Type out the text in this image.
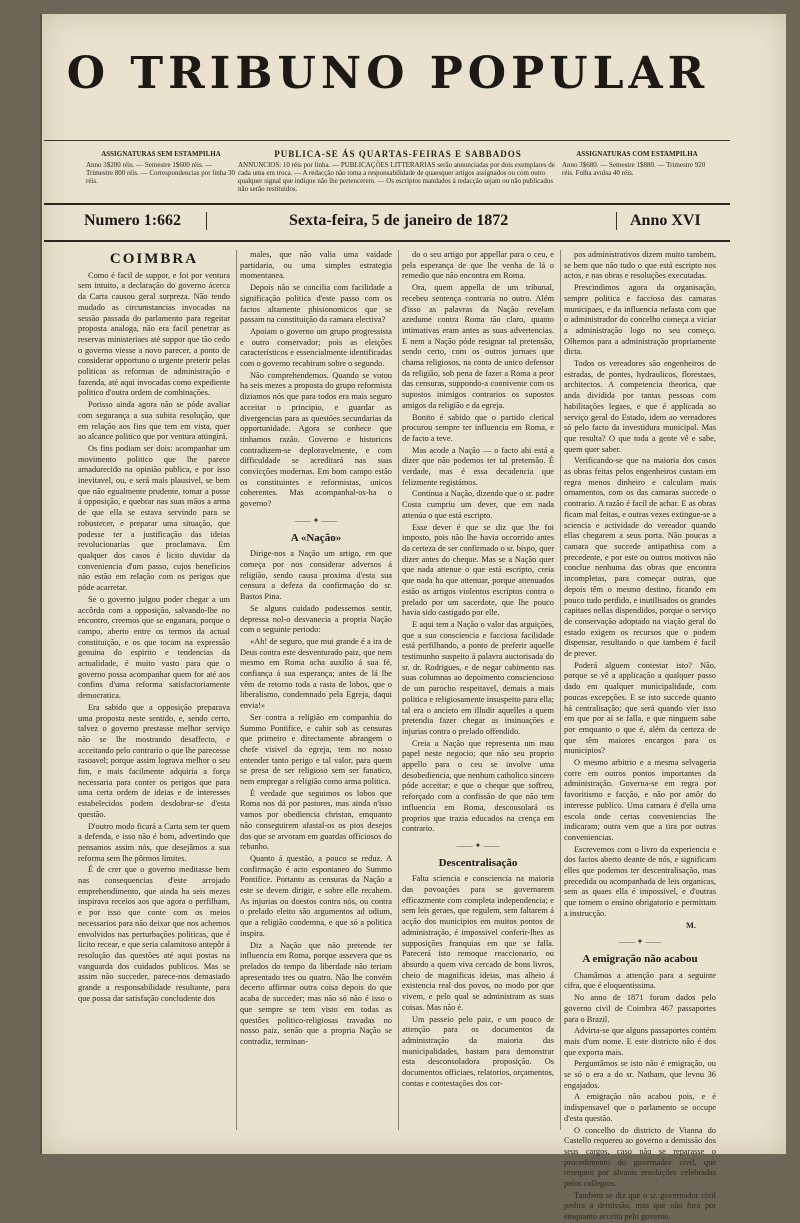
O TRIBUNO POPULAR
ASSIGNATURAS SEM ESTAMPILHA
Anno 3$200 réis. — Semestre 1$600 réis. — Trimestre 800 réis. — Correspondencias por linha 30 réis.
PUBLICA-SE ÁS QUARTAS-FEIRAS E SABBADOS
ANNUNCIOS: 10 réis por linha. — PUBLICAÇÕES LITTERARIAS serão annunciadas por dois exemplares de cada uma em troca. — A redacção não toma a responsabilidade de quaesquer artigos assignados ou com outro qualquer signal que indique não lhe pertencerem. — Os escriptos mandados á redacção sejam ou não publicados não serão restituidos.
ASSIGNATURAS COM ESTAMPILHA
Anno 3$680. — Semestre 1$880. — Trimestre 920 réis. Folha avulsa 40 réis.
Numero 1:662	Sexta-feira, 5 de janeiro de 1872	Anno XVI
COIMBRA

Como é facil de suppor, e foi por ventura sem intuito, a declaração do governo ácerca da Carta causou geral surpreza. Não tendo mudado as circumstancias invocadas na sessão passada do parlamento para regeitar proposta analoga, não era facil penetrar as reservas ministeriaes até suppor que tão cedo o governo viesse a novo parecer, a ponto de considerar opportuno o urgente preterir pelas politicas as reformas de administração e fazenda, até aqui invocadas como expediente politico d'outra ordem de combinações.

Porisso ainda agora não se póde avaliar com segurança a sua subita resolução, que em relação aos fins que tem em vista, quer ao alcance politico que por ventura attingirá.

Os fins podiam ser dois: acompanhar um movimento politico que lhe parece amadurecido na opinião publica, e por isso inevitavel, ou, e será mais plausivel, se bem que não egualmente prudente, tomar a posse á opposição, e quebrar nas suas mãos a arma de que ella se estava servindo para se robustecer, e preparar uma situação, que podesse ter a justificação das ideias revolucionarias que proclamava. Em qualquer dos casos é licito duvidar da conveniencia d'um passo, cujos beneficios não estão em relação com os perigos que póde acarretar.

Se o governo julgou poder chegar a um accôrdo com a opposição, salvando-lhe no encontro, creemos que se enganara, porque o campo, aberto entre os termos da actual constituição, e os que tocam na expressão genuina do espirito e tendencias da actualidade, é muito vasto para que o governo possa acompanhar quem for até aos confins d'uma reforma satisfactoriamente democratica.

Era sabido que a opposição preparava uma proposta neste sentido, e, sendo certo, talvez o governo prestasse melhor serviço não se lhe mostrando desaffecto, e acceitando pelo contrario o que lhe parecesse rasoavel; porque assim lograva melhor o seu fim, e mais facilmente adquiria a força necessaria para conter os perigos que para uma certa ordem de ideias e de interesses estabelecidos podem desdobrar-se d'esta questão.

D'outro modo ficará a Carta sem ter quem a defenda, e isso não é bom, advertindo que pensamos assim nós, que desejâmos a sua reforma sem lhe pôrmos limites.

É de crer que o governo meditasse bem nas consequencias d'este arrojado emprehendimento, que ainda ha seis mezes inspirava receios aos que agora o perfilham, e por isso que conte com os meios necessarios para não deixar que nos achemos envolvidos nas perturbações politicas, que é licito recear, e que seria calamitoso antepôr á resolução das questões até aqui postas na vanguarda dos cuidados publicos. Mas se assim não succeder, parece-nos demasiado grande a responsabilidade resultante, para que possa dar satisfação concludente dos

males, que não valia uma vaidade partidaria, ou uma simples estrategia momentanea.

Depois não se concilia com facilidade a significação politica d'este passo com os factos altamente phisionomicos que se passam na constituição da camara electiva?

Apoiam o governo um grupo progressista e outro conservador; pois as eleições característicos e essencialmente identificadas com o governo recabiram sobre o segundo.

Não comprehendemos. Quando se votou ha seis mezes a proposta do grupo reformista diziamos nós que para todos era mais seguro acceitar o principio, e guardar as divergencias para as questões secundarias da opportunidade. Agora se conhece que tinhamos razão. Governo e historicos contradizem-se deploravelmente, e com difficuldade se acreditará nas suas convicções modernas. Em bom campo estão os constituintes e reformistas, unicos coherentes. Mas acompanhal-os-ha o governo?

—— ✦ ——
A «Nação»

Dirige-nos a Nação um artigo, em que começa por nos considerar adversos á religião, sendo causa proxima d'esta sua censura a defeza da confirmação do sr. Bastos Pina.

Se alguns cuidado podessemos sentir, depressa nol-o desvanecia a propria Nação com o seguinte periodo:

«Ah! de seguro, que mui grande é a ira de Deus contra este desventurado paiz, que nem mesmo em Roma acha auxilio á sua fé, confiança á sua esperança; antes de lá lhe vêm de retorno toda a rasta de lobos, que o liberalismo, condemnado pela Egreja, daqui envia!»

Ser contra a religião em companhia do Summo Pontifice, e cahir sob as censuras que primeiro e directamente abrangem o chefe visivel da egreja, tem no nosso entender tanto perigo e tal valor, para quem se presa de ser religioso sem ser fanatico, nem empregar a religião como arma politica.

É verdade que seguimos os lobos que Roma nos dá por pastores, mas ainda n'isso vamos por obediencia christan, emquanto não conseguirem afastal-os os pios desejos dos que se arvoram em guardas officiosos do rebanho.

Quanto á questão, a pouco se reduz. A confirmação é acto espontaneo do Summo Pontifice. Portanto as censuras da Nação a este se devem dirigir, e sobre elle recahem. As injurias ou doestos contra nós, ou contra o prelado eleito são argumentos ad odium, que a religião condemna, e que só a politica inspira.

Diz a Nação que não pretende ter influencia em Roma, porque assevera que os prelados do tempo da liberdade não teriam apresentado tres ou quatro. Não lhe convém decerto affirmar outra coisa depois do que acaba de succeder; mas não só não é isso o que sempre se tem visto em todas as questões politico-religiosas travadas no nosso paiz, senão que a propria Nação se contradiz, terminan-

do o seu artigo por appellar para o ceu, e pela esperança de que lhe venha de lá o remedio que não encontra em Roma.

Ora, quem appella de um tribunal, recebeu sentença contraria no outro. Além d'isso as palavras da Nação revelam azedume contra Roma tão claro, quanto intimativas eram antes as suas advertencias. E nem a Nação póde resignar tal pretensão, sendo certo, com os outros jornaes que chama religiosos, na conta de unico defensor da religião, sob pena de fazer a Roma a peor das censuras, suppondo-a connivente com os supostos inimigos contrarios os supostos amigos da religião e da egreja.

Bonito é sabido que o partido clerical procurou sempre ter influencia em Roma, e de facto a teve.

Mas acode a Nação — o facto ahi está a dizer que não podemos ter tal pretensão. É verdade, mas é essa decadencia que felizmente registámos.

Continua a Nação, dizendo que o sr. padre Costa cumpriu um dever, que em nada attenúa o que está escripto.

Esse dever é que se diz que lhe foi imposto, pois não lhe havia occorrido antes da certeza de ser confirmado o sr. bispo, quer dizer antes do cheque. Mas se a Nação quer que nada attenue o que está escripto, creia que nada ha que attenuar, porque attenuados estão os artigos violentos escriptos contra o prelado por um sacerdote, que lhe pouco havia sido castigado por elle.

E aqui tem a Nação o valor das arguições, que a sua consciencia e facciosa facilidade está perfilhando, a ponto de preferir aquelle testimunho suspeito á palavra auctorisada do sr. dr. Rodrigues, e de negar cabimento nas suas columnas ao depoimento consciencioso de um parocho respeitavel, demais a mais politica e religiosamente insuspeito para ella; tal era o ancieto em illudir aquelles a quem pretendia fazer chegar as insinuações e injurias contra o prelado offendido.

Creia a Nação que representa um mau papel neste negocio; que não seu proprio appello para o ceu se involve uma desobediencia, que nenhum catholico sincero póde acceitar; e que o cheque que soffreu, reforçado com a confissão de que não tem influencia em Roma, descousolará os proprios que trazia educados na crença em contrario.

—— ✦ ——
Descentralisação

Falta sciencia e consciencia na maioria das povoações para se governarem efficazmente com completa independencia; e sem leis geraes, que regulem, sem faltarem á acção dos municipios em muitos pontos de administração, é impossivel conferir-lhes as supposições franquias em que se falla. Parecerá isto remoque reaccionario, ou absurdo a quem viva cercado de bons livros, cheio de magnificas ideias, mas alheio á existencia real dos povos, no modo por que vivem, e pelo qual se administram as suas coisas. Mas não é.

Um passeio pelo paiz, e um pouco de attenção para os documentos da administração da maioria das municipalidades, bastam para demonstrar esta desconsoladora proposição. Os documentos officiaes, relatorios, orçamentos, contas e contestações dos cor-

pos administrativos dizem muito tambem, se bem que não tudo o que está escripto nos actos, e nas obras e resoluções executadas.

Prescindimos agora da organisação, sempre politica e facciosa das camaras municipaes, e da influencia nefasta com que o administrador do concelho começa a viciar a administração logo no seu começo. Olhemos para a administração propriamente dicta.

Todos os vereadores são engenheiros de estradas, de pontes, hydraulicos, florestaes, architectos. A competencia theorica, que anda dividida por tantas pessoas com habilitações legaes, e que é applicada ao serviço geral do Estado, idem ao vereadores só pelo facto da investidura municipal. Mas que resulta? O que toda a gente vê e sabe, quem quer saber.

Verificando-se que na maioria dos casos as obras feitas pelos engenheiros custam em regra menos dinheiro e calculam mais ornamentos, com os das camaras succede o contrario. A razão é facil de achar. E as obras ficam mal feitas, e outras vezes extingue-se a sciencia e actividade do vereador quando ellas chegarem a seus porta. Não poucas a camara que succede antipathisa com a precedente, e por este ou outros motivos não conclue nenhuma das obras que encontra incompletas, para começar outras, que depois têm o mesmo destino, ficando em pouco tudo perdido, e inutilisados os grandes capitaes nellas dispendidos, porque o serviço de conservação adoptado na viação geral do estado exigem os recursos que o podem dispensar, resultando o que tambem é facil de prever.

Poderá alguem contestar isto? Não, porque se vê a applicação a qualquer passo dado em qualquer municipalidade, com poucas excepções. E se isto succede quanto há centralisação; que será quando vier isso em que por aí se falla, e que ninguem sabe por emquanto o que é, além da certeza de que têm maiores encargos para os municipios?

O mesmo arbitrio e a mesma selvageria corre em outros pontos importantes da administração. Governa-se em regra por favoritismo e facção, e não por amôr do interesse publico. Uma camara é d'ella uma escola onde certas conveniencias lhe indicaram; outra vem que a tira por outras conveniencias.

Escrevemos com o livro da experiencia e dos factos aberto deante de nós, e significam elles que podemos ter descentralisação, mas precedida ou acompanhada de leis organicas, sem as quaes ella é impossivel, e d'outras que tornem o ensino obrigatorio e permittam a instrucção.

M.
—— ✦ ——
A emigração não acabou

Chamâmos a attenção para a seguinte cifra, que é eloquentissima.

No anno de 1871 foram dados pelo governo civil de Coimbra 467 passaportes para o Brazil.

Advirta-se que alguns passaportes contém mais d'um nome. E este districto não é dos que exporta mais.

Perguntâmos se isto não é emigração, ou se só o era a do sr. Natham, que levou 36 engajados.

A emigração não acabou pois, e é indispensavel que o parlamento se occupe d'esta questão.

O concelho do districto de Vianna do Castello requereu ao governo a demissão dos seus cargos, caso não se reparasse o procedimento do governador civil, que resequeu por alvarás resoluções celebradas pelos collegios.

Tambem se diz que o sr. governador civil pedira a demissão, mas que não fora por emquanto acceita pelo governo.
